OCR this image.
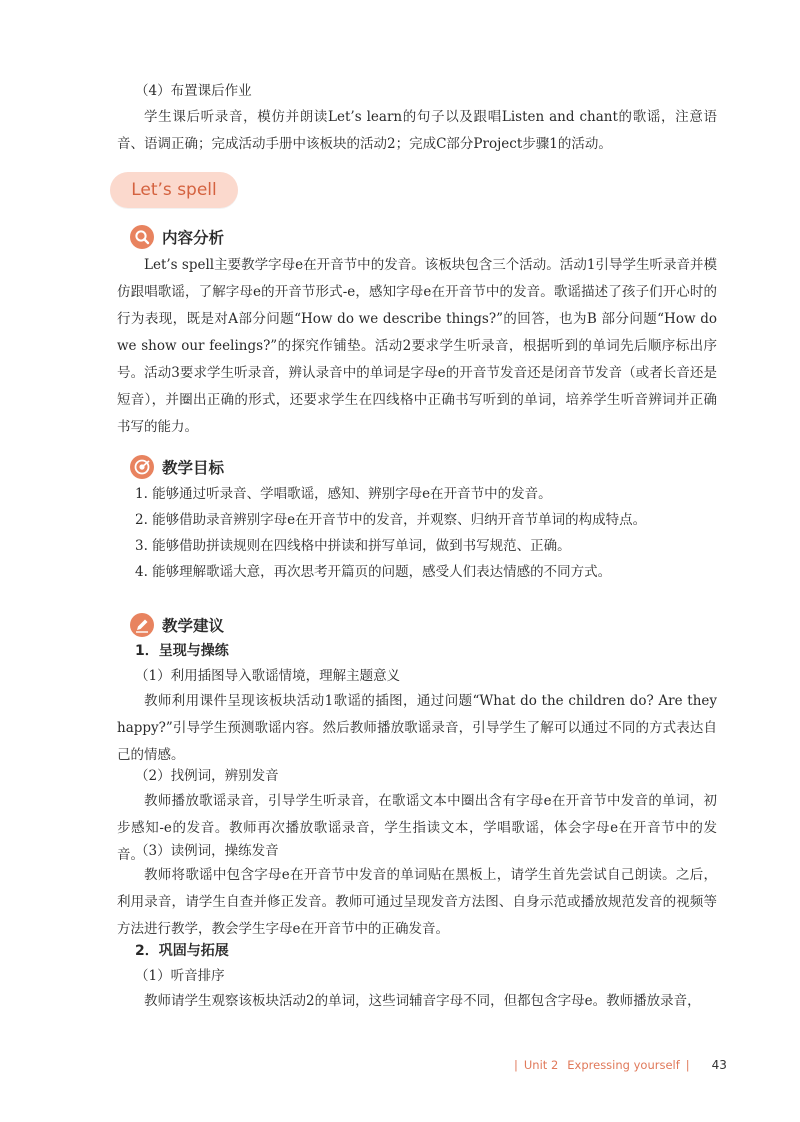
（4）布置课后作业

学生课后听录音，模仿并朗读Let’s learn的句子以及跟唱Listen and chant的歌谣，注意语音、语调正确；完成活动手册中该板块的活动2；完成C部分Project步骤1的活动。

Let’s spell
内容分析

Let’s spell主要教学字母e在开音节中的发音。该板块包含三个活动。活动1引导学生听录音并模仿跟唱歌谣，了解字母e的开音节形式-e，感知字母e在开音节中的发音。歌谣描述了孩子们开心时的行为表现，既是对A部分问题“How do we describe things?”的回答，也为B 部分问题“How do we show our feelings?”的探究作铺垫。活动2要求学生听录音，根据听到的单词先后顺序标出序号。活动3要求学生听录音，辨认录音中的单词是字母e的开音节发音还是闭音节发音（或者长音还是短音），并圈出正确的形式，还要求学生在四线格中正确书写听到的单词，培养学生听音辨词并正确书写的能力。

教学目标

1. 能够通过听录音、学唱歌谣，感知、辨别字母e在开音节中的发音。

2. 能够借助录音辨别字母e在开音节中的发音，并观察、归纳开音节单词的构成特点。

3. 能够借助拼读规则在四线格中拼读和拼写单词，做到书写规范、正确。

4. 能够理解歌谣大意，再次思考开篇页的问题，感受人们表达情感的不同方式。

教学建议

1．呈现与操练

（1）利用插图导入歌谣情境，理解主题意义

教师利用课件呈现该板块活动1歌谣的插图，通过问题“What do the children do? Are they happy?”引导学生预测歌谣内容。然后教师播放歌谣录音，引导学生了解可以通过不同的方式表达自己的情感。

（2）找例词，辨别发音

教师播放歌谣录音，引导学生听录音，在歌谣文本中圈出含有字母e在开音节中发音的单词，初步感知-e的发音。教师再次播放歌谣录音，学生指读文本，学唱歌谣，体会字母e在开音节中的发音。

（3）读例词，操练发音

教师将歌谣中包含字母e在开音节中发音的单词贴在黑板上，请学生首先尝试自己朗读。之后，利用录音，请学生自查并修正发音。教师可通过呈现发音方法图、自身示范或播放规范发音的视频等方法进行教学，教会学生字母e在开音节中的正确发音。

2．巩固与拓展

（1）听音排序

教师请学生观察该板块活动2的单词，这些词辅音字母不同，但都包含字母e。教师播放录音，

| Unit 2 Expressing yourself | 43
